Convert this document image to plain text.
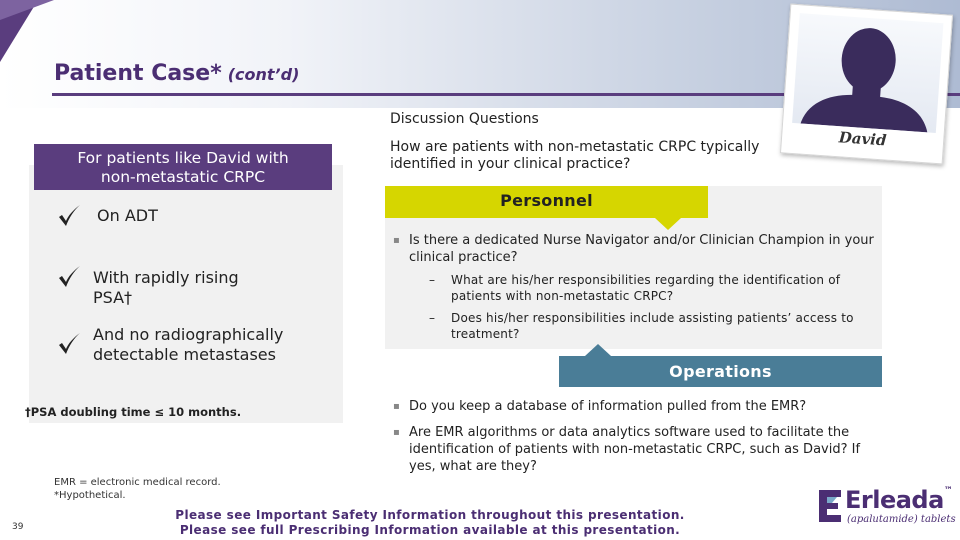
Patient Case* (cont’d)
David
Discussion Questions
How are patients with non-metastatic CRPC typically identified in your clinical practice?
For patients like David with
non-metastatic CRPC
On ADT
With rapidly rising
PSA†
And no radiographically
detectable metastases
†PSA doubling time ≤ 10 months.
Personnel
▪ Is there a dedicated Nurse Navigator and/or Clinician Champion in your clinical practice?
–	What are his/her responsibilities regarding the identification of patients with non-metastatic CRPC?
–	Does his/her responsibilities include assisting patients’ access to treatment?
Operations
▪ Do you keep a database of information pulled from the EMR?
▪ Are EMR algorithms or data analytics software used to facilitate the identification of patients with non-metastatic CRPC, such as David? If yes, what are they?
EMR = electronic medical record.
*Hypothetical.
39
Please see Important Safety Information throughout this presentation.
Please see full Prescribing Information available at this presentation.
Erleada™
(apalutamide) tablets
